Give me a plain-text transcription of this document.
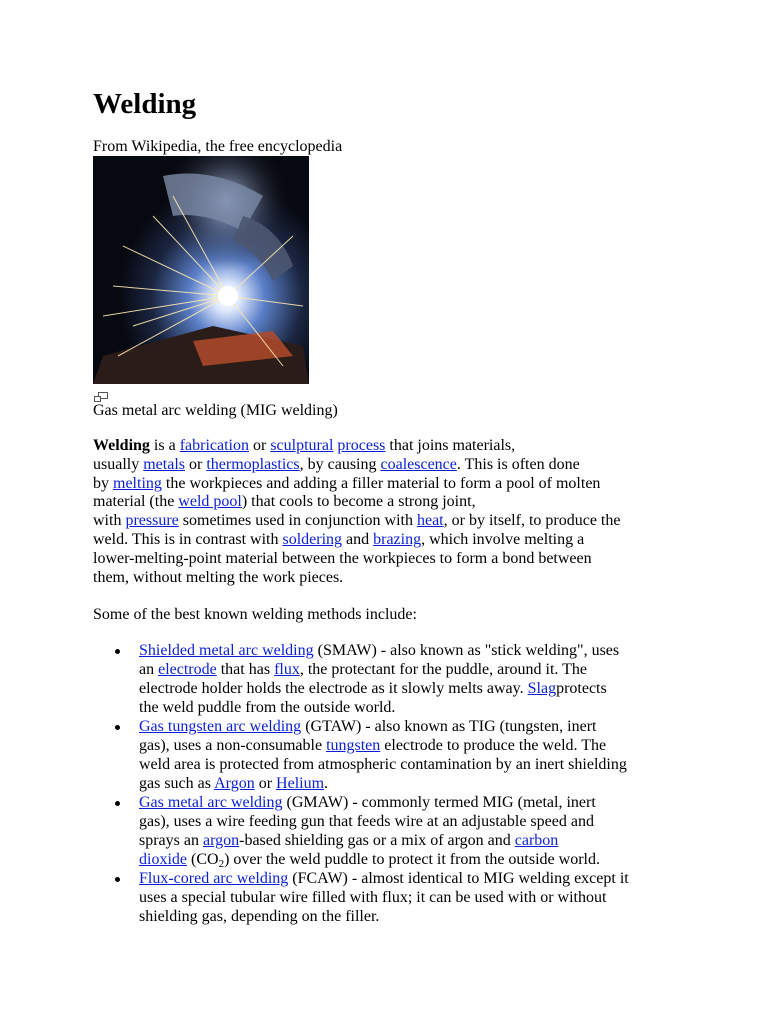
Welding
From Wikipedia, the free encyclopedia
Gas metal arc welding (MIG welding)
Welding is a fabrication or sculptural process that joins materials,
usually metals or thermoplastics, by causing coalescence. This is often done
by melting the workpieces and adding a filler material to form a pool of molten
material (the weld pool) that cools to become a strong joint,
with pressure sometimes used in conjunction with heat, or by itself, to produce the
weld. This is in contrast with soldering and brazing, which involve melting a
lower-melting-point material between the workpieces to form a bond between
them, without melting the work pieces.
Some of the best known welding methods include:
Shielded metal arc welding (SMAW) - also known as "stick welding", uses
an electrode that has flux, the protectant for the puddle, around it. The
electrode holder holds the electrode as it slowly melts away. Slagprotects
the weld puddle from the outside world.
Gas tungsten arc welding (GTAW) - also known as TIG (tungsten, inert
gas), uses a non-consumable tungsten electrode to produce the weld. The
weld area is protected from atmospheric contamination by an inert shielding
gas such as Argon or Helium.
Gas metal arc welding (GMAW) - commonly termed MIG (metal, inert
gas), uses a wire feeding gun that feeds wire at an adjustable speed and
sprays an argon-based shielding gas or a mix of argon and carbon
dioxide $(CO_2)$ over the weld puddle to protect it from the outside world.
Flux-cored arc welding (FCAW) - almost identical to MIG welding except it
uses a special tubular wire filled with flux; it can be used with or without
shielding gas, depending on the filler.
